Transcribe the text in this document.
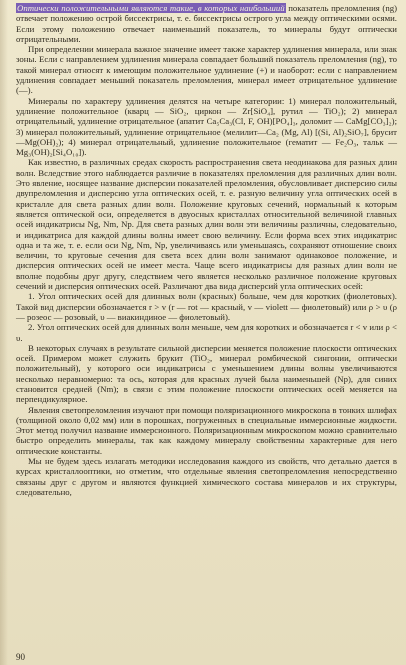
Оптически положительными являются такие, в которых наибольший показатель преломления (ng) отвечает положению острой биссектрисы, т. е. биссектрисы острого угла между оптическими осями. Если этому положению отвечает наименьший показатель, то минералы будут оптически отрицательными.

При определении минерала важное значение имеет также характер удлинения минерала, или знак зоны. Если с направлением удлинения минерала совпадает больший показатель преломления (ng), то такой минерал относят к имеющим положительное удлинение (+) и наоборот: если с направлением удлинения совпадает меньший показатель преломления, минерал имеет отрицательное удлинение (—).

Минералы по характеру удлинения делятся на четыре категории: 1) минерал положительный, удлинение положительное (кварц — SiO₂, циркон — Zr[SiO₄], рутил — TiO₂); 2) минерал отрицательный, удлинение отрицательное (апатит Ca₅Ca₃(Cl, F, OH)[PO₄]₃, доломит — CaMg[CO₃]₂); 3) минерал положительный, удлинение отрицательное (мелилит—Ca₂ (Mg, Al) [(Si, Al)₂SiO₇], брусит—Mg(OH)₂); 4) минерал отрицательный, удлинение положительное (гематит — Fe₂O₃, тальк — Mg₃(OH)₂[Si₄O₁₀]).

Как известно, в различных средах скорость распространения света неодинакова для разных длин волн. Вследствие этого наблюдается различие в показателях преломления для различных длин волн. Это явление, носящее название дисперсии показателей преломления, обусловливает дисперсию силы двупреломления и дисперсию угла оптических осей, т. е. разную величину угла оптических осей в кристалле для света разных длин волн. Положение круговых сечений, нормальный к которым является оптической оси, определяется в двуосных кристаллах относительной величиной главных осей индикатрисы Ng, Nm, Np. Для света разных длин волн эти величины различны, следовательно, и индикатриса для каждой длины волны имеет свою величину. Если форма всех этих индикатрис одна и та же, т. е. если оси Ng, Nm, Np, увеличиваясь или уменьшаясь, сохраняют отношение своих величин, то круговые сечения для света всех длин волн занимают одинаковое положение, и дисперсия оптических осей не имеет места. Чаще всего индикатрисы для разных длин волн не вполне подобны друг другу, следствием чего является несколько различное положение круговых сечений и дисперсия оптических осей. Различают два вида дисперсий угла оптических осей:

1. Угол оптических осей для длинных волн (красных) больше, чем для коротких (фиолетовых). Такой вид дисперсии обозначается r > v (r — rot — красный, v — violett — фиолетовый) или ρ > υ (ρ — розеос — розовый, υ — виакиндиное — фиолетовый).

2. Угол оптических осей для длинных волн меньше, чем для коротких и обозначается r < v или ρ < υ.

В некоторых случаях в результате сильной дисперсии меняется положение плоскости оптических осей. Примером может служить брукит (TiO₂, минерал ромбической сингонии, оптически положительный), у которого оси индикатрисы с уменьшением длины волны увеличиваются несколько неравномерно: та ось, которая для красных лучей была наименьшей (Np), для синих становится средней (Nm); в связи с этим положение плоскости оптических осей меняется на перпендикулярное.

Явления светопреломления изучают при помощи поляризационного микроскопа в тонких шлифах (толщиной около 0,02 мм) или в порошках, погруженных в специальные иммерсионные жидкости. Этот метод получил название иммерсионного. Поляризационным микроскопом можно сравнительно быстро определить минералы, так как каждому минералу свойственны характерные для него оптические константы.

Мы не будем здесь излагать методики исследования каждого из свойств, что детально дается в курсах кристаллооптики, но отметим, что отдельные явления светопреломления непосредственно связаны друг с другом и являются функцией химического состава минералов и их структуры, следовательно,

90
